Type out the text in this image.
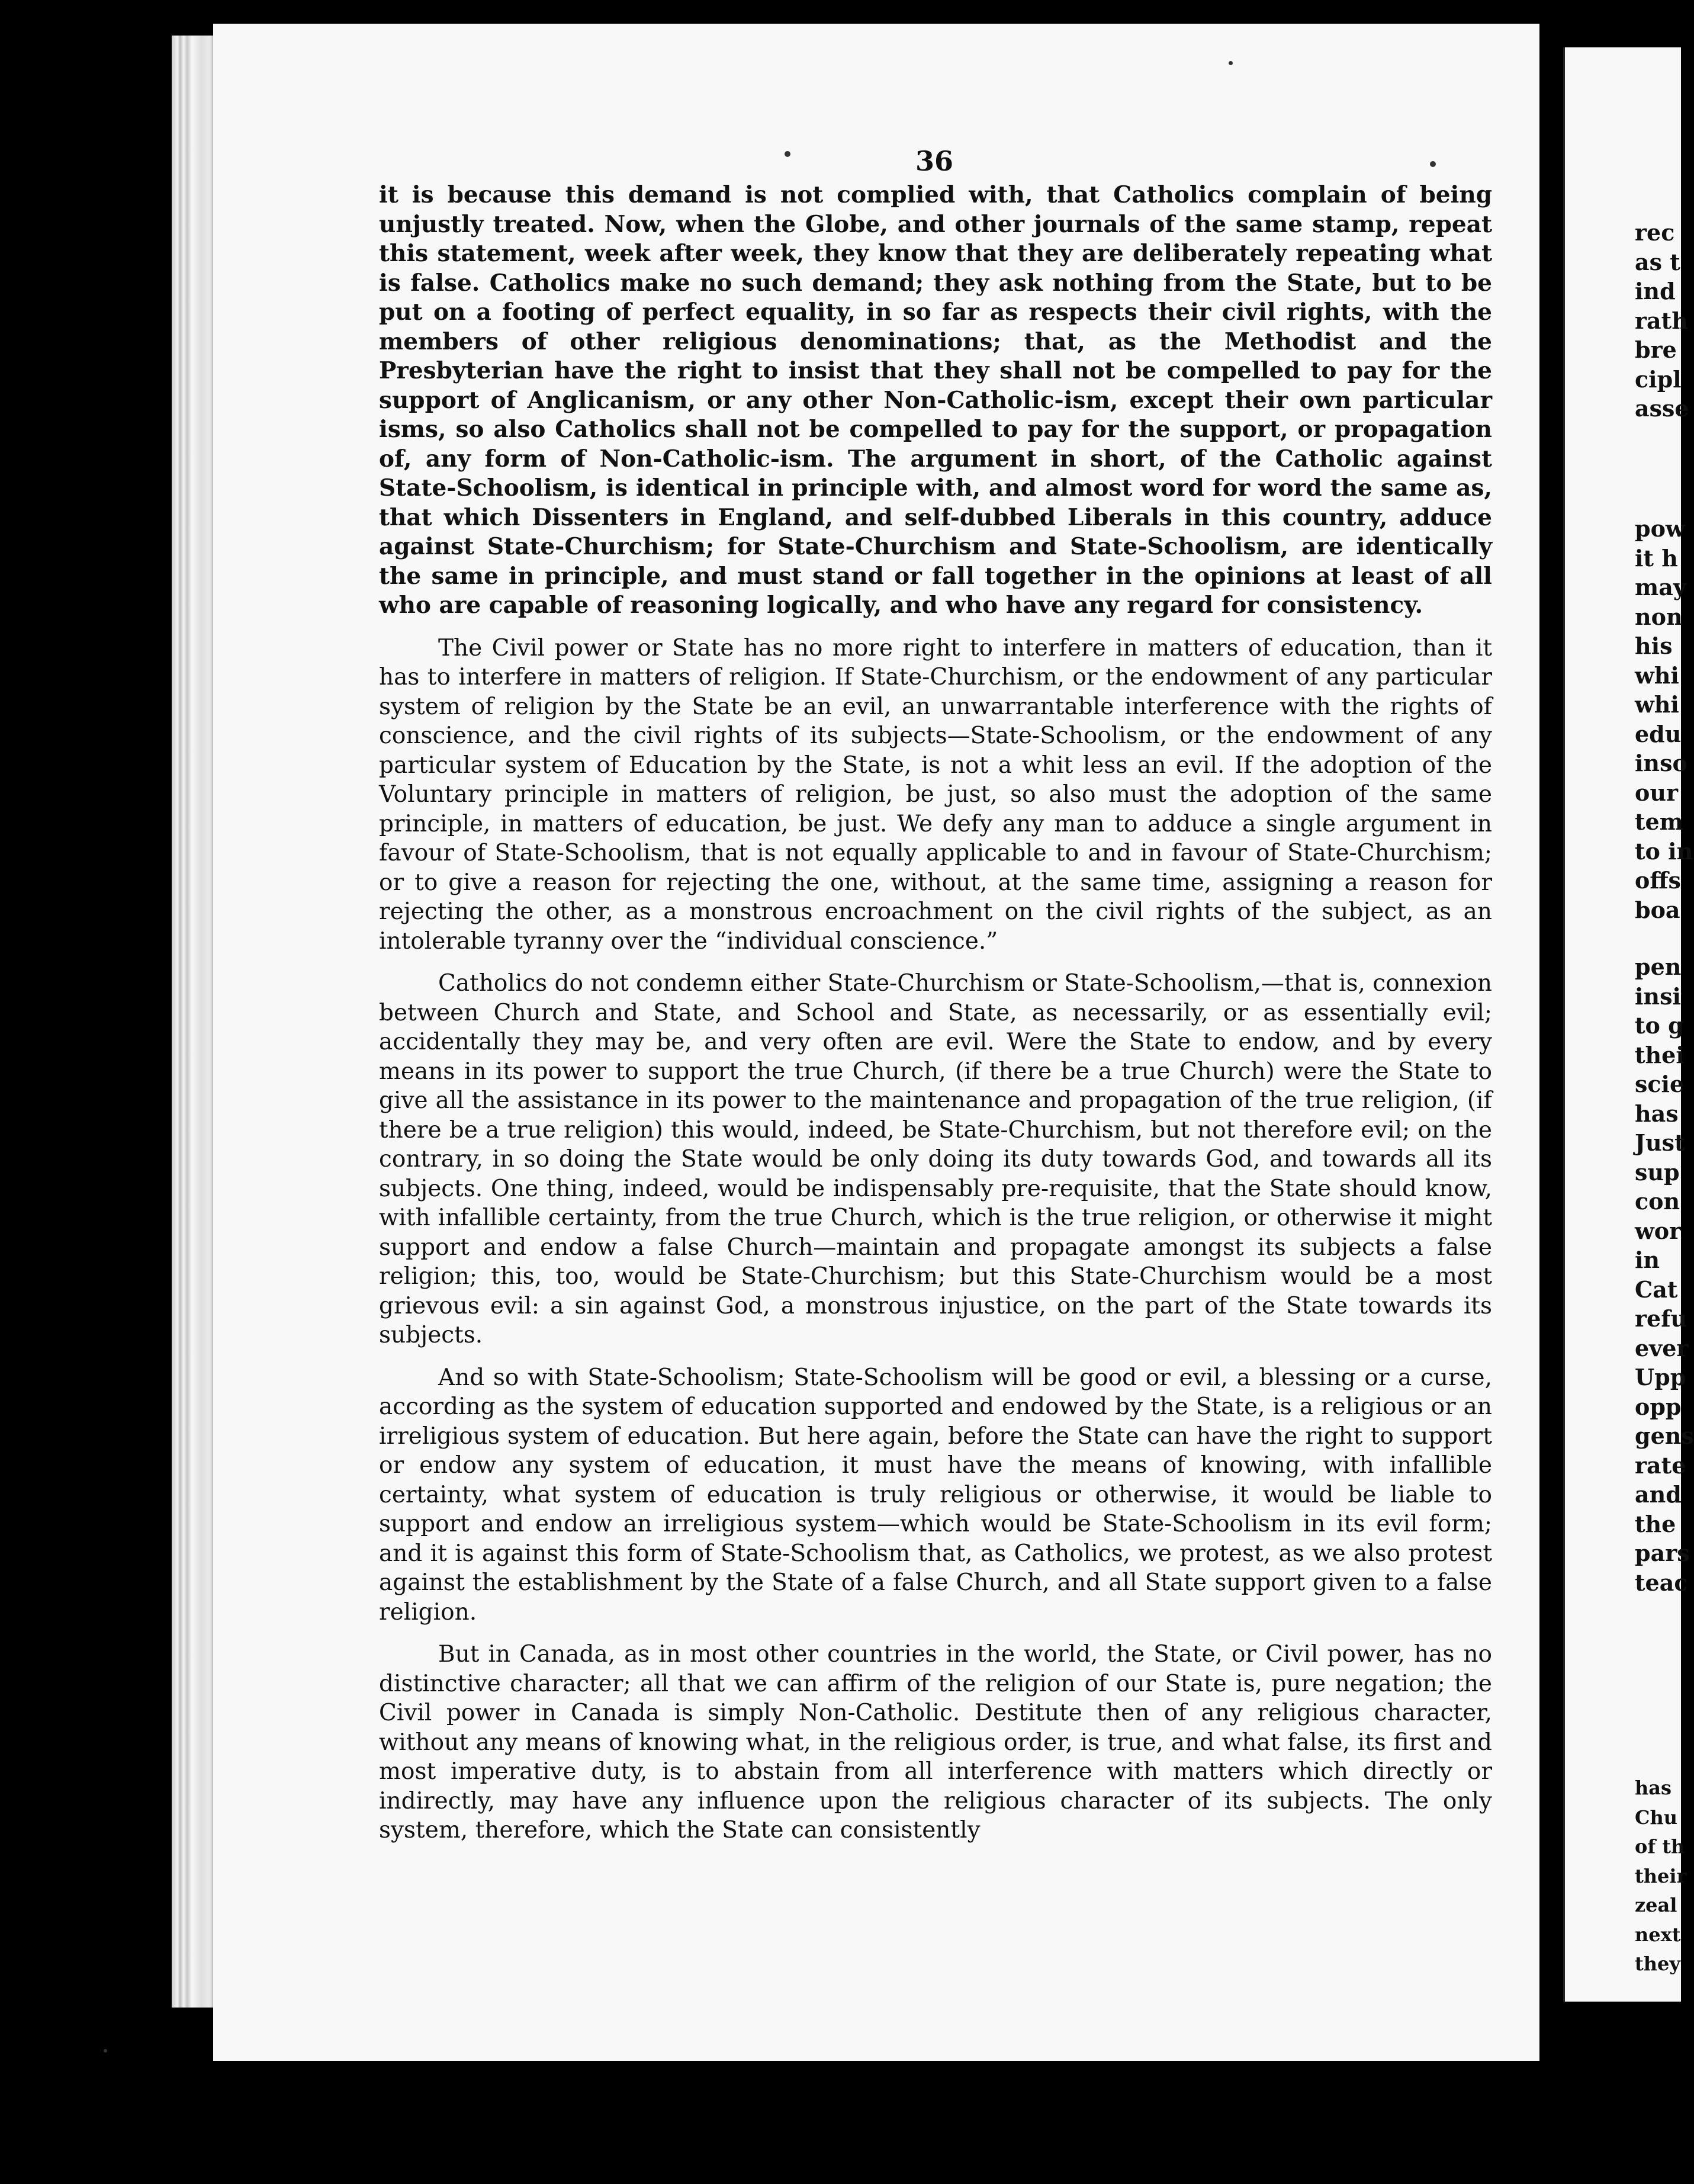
36

it is because this demand is not complied with, that Catholics complain of being unjustly treated. Now, when the Globe, and other journals of the same stamp, repeat this statement, week after week, they know that they are deliberately repeating what is false. Catholics make no such demand; they ask nothing from the State, but to be put on a footing of perfect equality, in so far as respects their civil rights, with the members of other religious denominations; that, as the Methodist and the Presbyterian have the right to insist that they shall not be compelled to pay for the support of Anglicanism, or any other Non-Catholic-ism, except their own particular isms, so also Catholics shall not be compelled to pay for the support, or propagation of, any form of Non-Catholic-ism. The argument in short, of the Catholic against State-Schoolism, is identical in principle with, and almost word for word the same as, that which Dissenters in England, and self-dubbed Liberals in this country, adduce against State-Churchism; for State-Churchism and State-Schoolism, are identically the same in principle, and must stand or fall together in the opinions at least of all who are capable of reasoning logically, and who have any regard for consistency.

The Civil power or State has no more right to interfere in matters of education, than it has to interfere in matters of religion. If State-Churchism, or the endowment of any particular system of religion by the State be an evil, an unwarrantable interference with the rights of conscience, and the civil rights of its subjects—State-Schoolism, or the endowment of any particular system of Education by the State, is not a whit less an evil. If the adoption of the Voluntary principle in matters of religion, be just, so also must the adoption of the same principle, in matters of education, be just. We defy any man to adduce a single argument in favour of State-Schoolism, that is not equally applicable to and in favour of State-Churchism; or to give a reason for rejecting the one, without, at the same time, assigning a reason for rejecting the other, as a monstrous encroachment on the civil rights of the subject, as an intolerable tyranny over the “individual conscience.”

Catholics do not condemn either State-Churchism or State-Schoolism,—that is, connexion between Church and State, and School and State, as necessarily, or as essentially evil; accidentally they may be, and very often are evil. Were the State to endow, and by every means in its power to support the true Church, (if there be a true Church) were the State to give all the assistance in its power to the maintenance and propagation of the true religion, (if there be a true religion) this would, indeed, be State-Churchism, but not therefore evil; on the contrary, in so doing the State would be only doing its duty towards God, and towards all its subjects. One thing, indeed, would be indispensably pre-requisite, that the State should know, with infallible certainty, from the true Church, which is the true religion, or otherwise it might support and endow a false Church—maintain and propagate amongst its subjects a false religion; this, too, would be State-Churchism; but this State-Churchism would be a most grievous evil: a sin against God, a monstrous injustice, on the part of the State towards its subjects.

And so with State-Schoolism; State-Schoolism will be good or evil, a blessing or a curse, according as the system of education supported and endowed by the State, is a religious or an irreligious system of education. But here again, before the State can have the right to support or endow any system of education, it must have the means of knowing, with infallible certainty, what system of education is truly religious or otherwise, it would be liable to support and endow an irreligious system—which would be State-Schoolism in its evil form; and it is against this form of State-Schoolism that, as Catholics, we protest, as we also protest against the establishment by the State of a false Church, and all State support given to a false religion.

But in Canada, as in most other countries in the world, the State, or Civil power, has no distinctive character; all that we can affirm of the religion of our State is, pure negation; the Civil power in Canada is simply Non-Catholic. Destitute then of any religious character, without any means of knowing what, in the religious order, is true, and what false, its first and most imperative duty, is to abstain from all interference with matters which directly or indirectly, may have any influence upon the religious character of its subjects. The only system, therefore, which the State can consistently

rec
as t
ind
rath
bre
cipl
asse
pow
it h
may
non
his
whi
whi
edu
inso
our
tem
to in
offs
boa
pen
insi
to g
thei
scie
has
Just
sup
con
wor
in
Cat
refu
ever
Upp
opp
gens
rate
and
the
pars
teac
has
Chu
of th
their
zeal
next
they
